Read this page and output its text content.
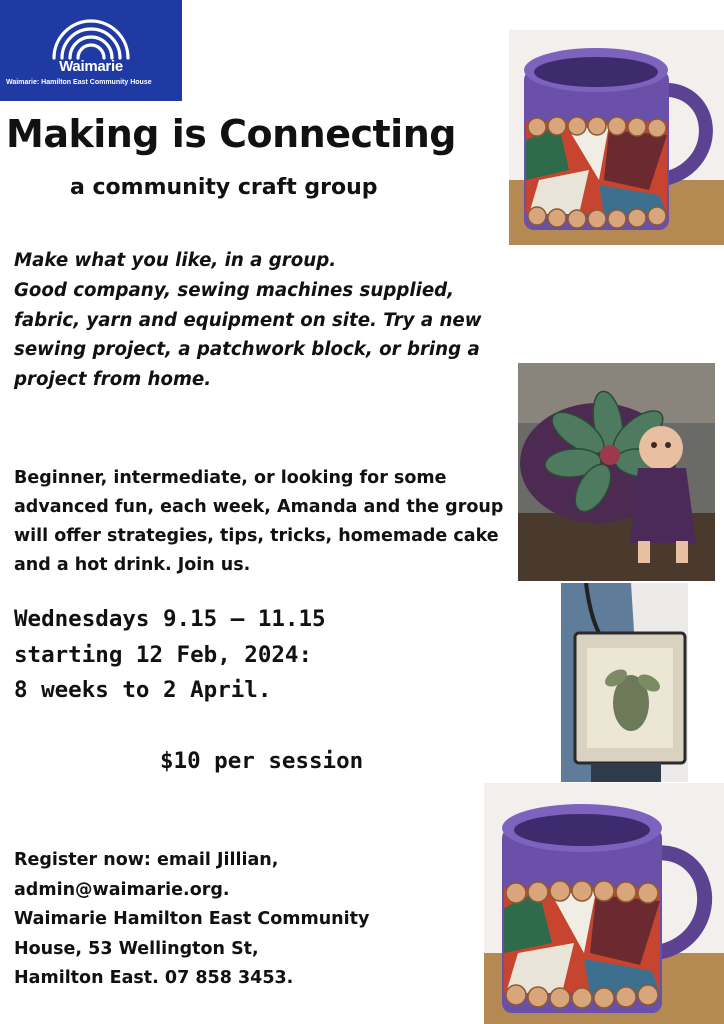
Waimarie
Waimarie: Hamilton East Community House
Making is Connecting
a community craft group
Make what you like, in a group.
Good company, sewing machines supplied,
fabric, yarn and equipment on site. Try a new
sewing project, a patchwork block, or bring a
project from home.
Beginner, intermediate, or looking for some
advanced fun, each week, Amanda and the group
will offer strategies, tips, tricks, homemade cake
and a hot drink. Join us.
Wednesdays 9.15 – 11.15
starting 12 Feb, 2024:
8 weeks to 2 April.
$10 per session
Register now: email Jillian,
admin@waimarie.org.
Waimarie Hamilton East Community
House, 53 Wellington St,
Hamilton East. 07 858 3453.
